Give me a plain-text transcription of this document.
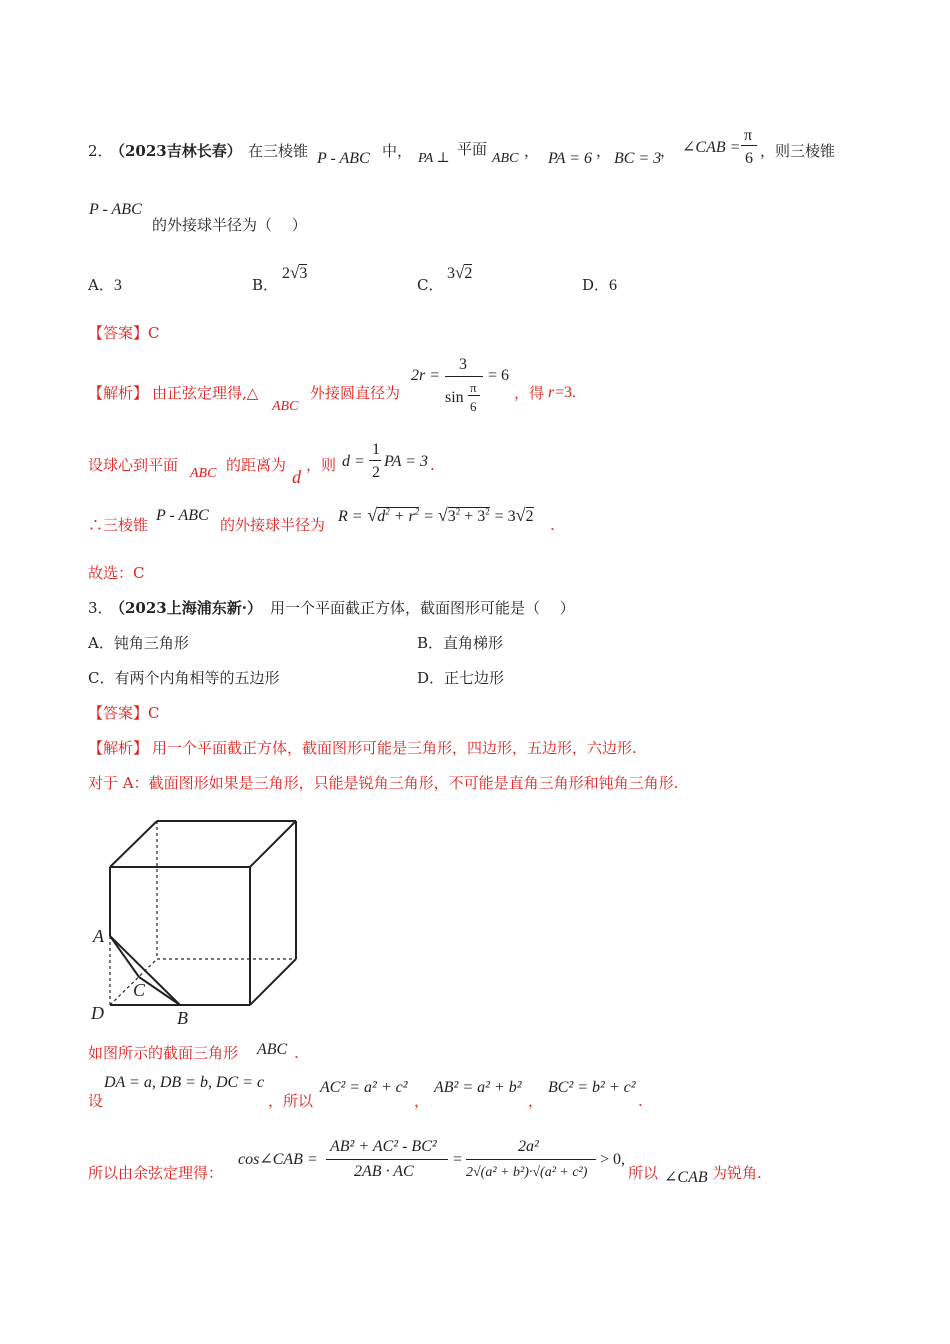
2．
（2023吉林长春） 在三棱锥 P - ABC 中， PA ⊥
平面
ABC ， PA = 6 ， BC = 3
， ∠CAB =
π
6 ，则三棱锥
P - ABC
的外接球半径为（　 ）
A．3	B．
2√3
C．
3√2
D．6
【答案】C
【解析】 由正弦定理得,△
ABC
外接圆直径为
2r =
3
sin
π
6
= 6
，得 r =3.
设球心到平面 ABC 的距离为
d
，则 d =
1
2
PA = 3 .
∴三棱锥
P - ABC
的外接球半径为 $R = √d^2 + r^2 = √3^2 + 3^2 = 3√2$ .
故选：C
3．
（2023上海浦东新·） 用一个平面截正方体，截面图形可能是（　 ）
A．钝角三角形	B．直角梯形
C．有两个内角相等的五边形	D．正七边形
【答案】C
【解析】 用一个平面截正方体，截面图形可能是三角形，四边形，五边形，六边形.
对于 A：截面图形如果是三角形，只能是锐角三角形，不可能是直角三角形和钝角三角形.
A
C
D	B
如图所示的截面三角形 ABC .
设
DA = a, DB = b, DC = c
，所以
AC² = a² + c²
，
AB² = a² + b²
，
BC² = b² + c²
.
所以由余弦定理得：
cos∠CAB =
AB² + AC² - BC²
2AB · AC
=
2a²
2√(a² + b²)·√(a² + c²)
> 0,
所以 ∠CAB 为锐角.
